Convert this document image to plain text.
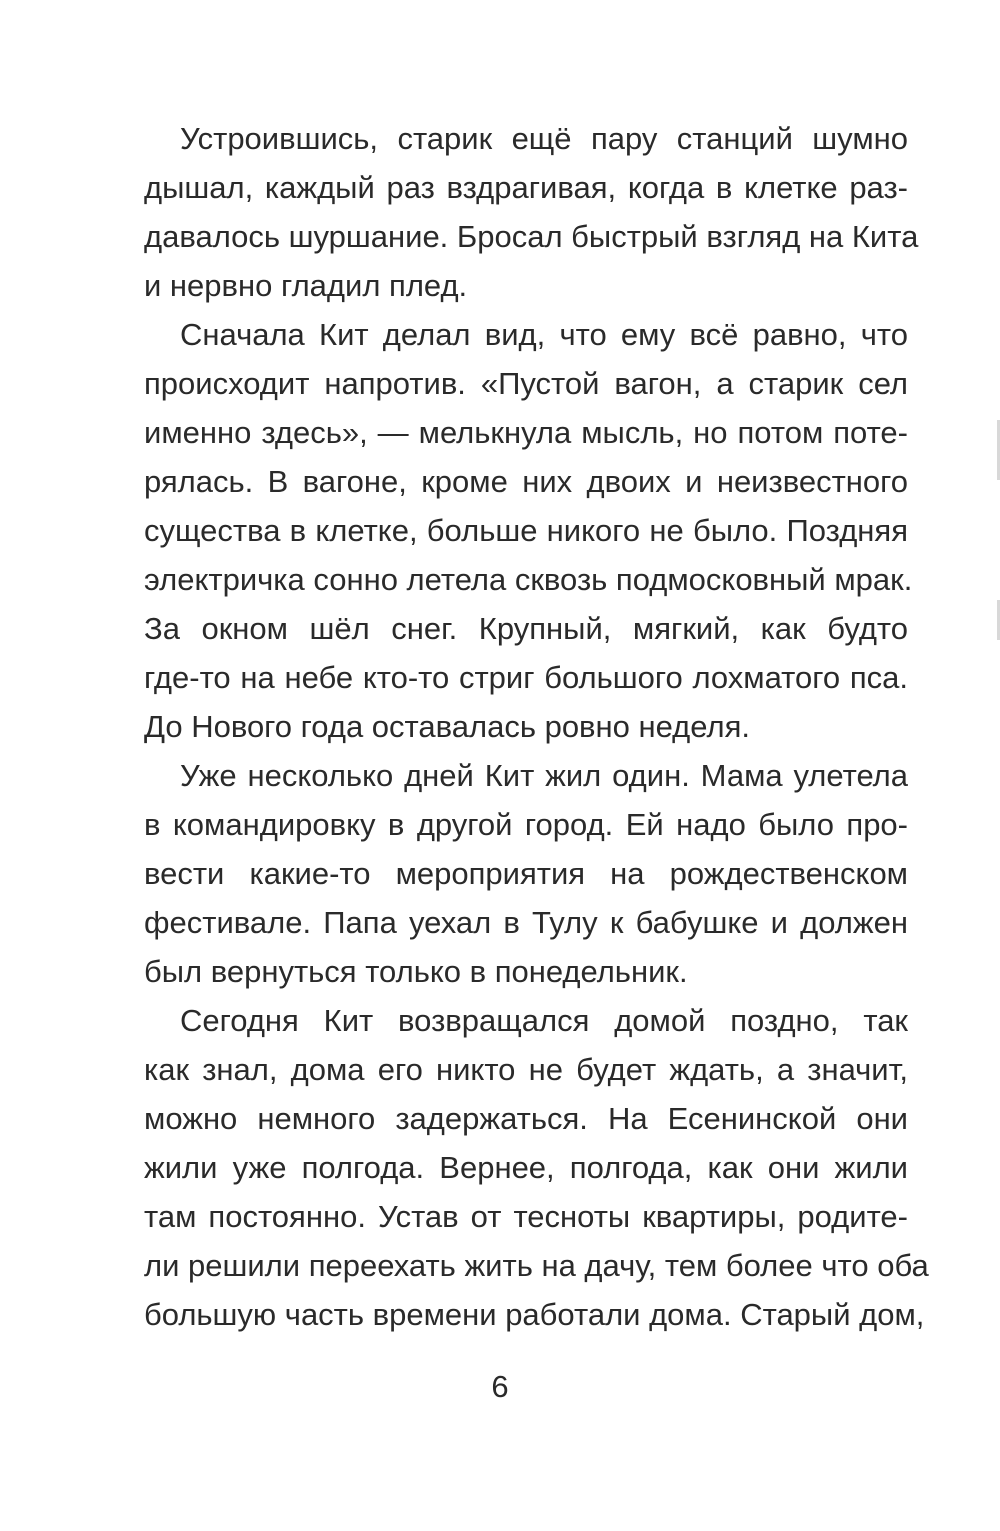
Устроившись, старик ещё пару станций шумно
дышал, каждый раз вздрагивая, когда в клетке раз-
давалось шуршание. Бросал быстрый взгляд на Кита
и нервно гладил плед.
Сначала Кит делал вид, что ему всё равно, что
происходит напротив. «Пустой вагон, а старик сел
именно здесь», — мелькнула мысль, но потом поте-
рялась. В вагоне, кроме них двоих и неизвестного
существа в клетке, больше никого не было. Поздняя
электричка сонно летела сквозь подмосковный мрак.
За окном шёл снег. Крупный, мягкий, как будто
где-то на небе кто-то стриг большого лохматого пса.
До Нового года оставалась ровно неделя.
Уже несколько дней Кит жил один. Мама улетела
в командировку в другой город. Ей надо было про-
вести какие-то мероприятия на рождественском
фестивале. Папа уехал в Тулу к бабушке и должен
был вернуться только в понедельник.
Сегодня Кит возвращался домой поздно, так
как знал, дома его никто не будет ждать, а значит,
можно немного задержаться. На Есенинской они
жили уже полгода. Вернее, полгода, как они жили
там постоянно. Устав от тесноты квартиры, родите-
ли решили переехать жить на дачу, тем более что оба
большую часть времени работали дома. Старый дом,
6
